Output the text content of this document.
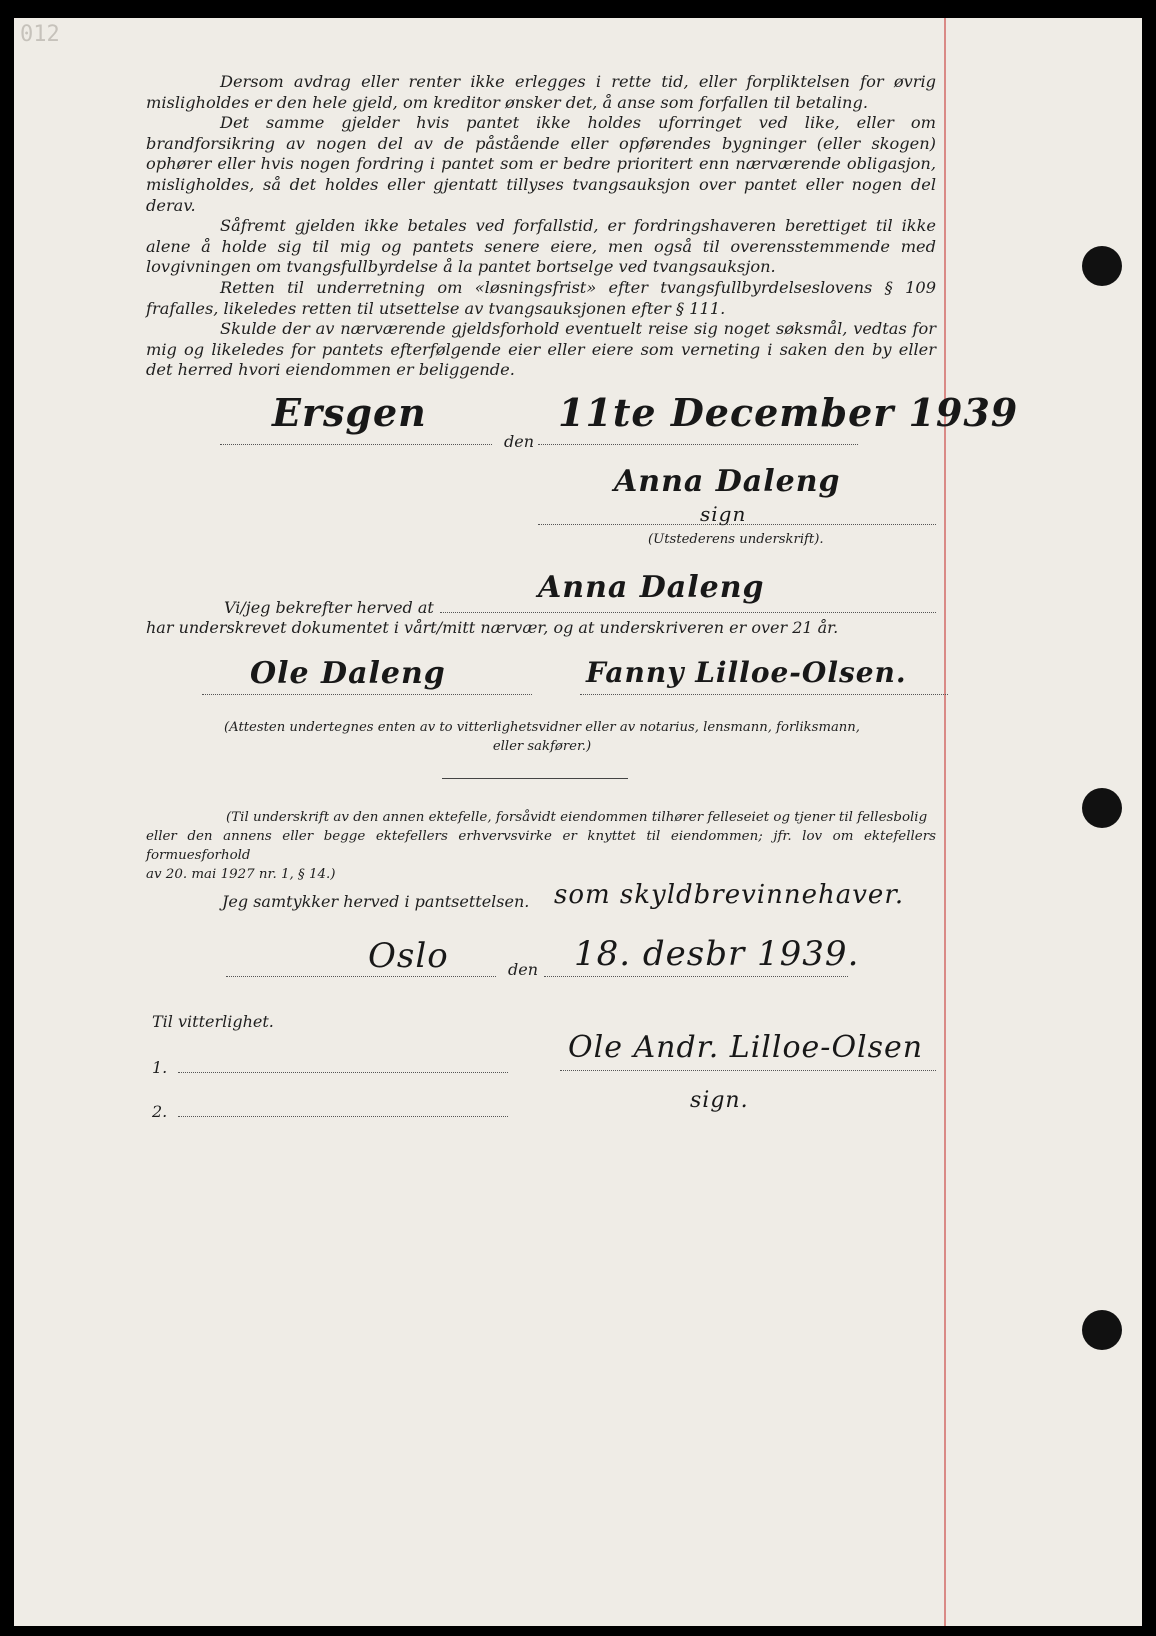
012

Dersom avdrag eller renter ikke erlegges i rette tid, eller forpliktelsen for øvrig misligholdes er den hele gjeld, om kreditor ønsker det, å anse som forfallen til betaling.

Det samme gjelder hvis pantet ikke holdes uforringet ved like, eller om brandforsikring av nogen del av de påstående eller opførendes bygninger (eller skogen) ophører eller hvis nogen fordring i pantet som er bedre prioritert enn nærværende obligasjon, misligholdes, så det holdes eller gjentatt tillyses tvangsauksjon over pantet eller nogen del derav.

Såfremt gjelden ikke betales ved forfallstid, er fordringshaveren berettiget til ikke alene å holde sig til mig og pantets senere eiere, men også til overensstemmende med lovgivningen om tvangsfullbyrdelse å la pantet bortselge ved tvangsauksjon.

Retten til underretning om «løsningsfrist» efter tvangsfullbyrdelseslovens § 109 frafalles, likeledes retten til utsettelse av tvangsauksjonen efter § 111.

Skulde der av nærværende gjeldsforhold eventuelt reise sig noget søksmål, vedtas for mig og likeledes for pantets efterfølgende eier eller eiere som verneting i saken den by eller det herred hvori eiendommen er beliggende.

Ersgen
den
11te December 1939
Anna Daleng
sign
(Utstederens underskrift).
Vi/jeg bekrefter herved at
Anna Daleng
har underskrevet dokumentet i vårt/mitt nærvær, og at underskriveren er over 21 år.
Ole Daleng	Fanny Lilloe-Olsen.
(Attesten undertegnes enten av to vitterlighetsvidner eller av notarius, lensmann, forliksmann,
eller sakfører.)
(Til underskrift av den annen ektefelle, forsåvidt eiendommen tilhører felleseiet og tjener til fellesbolig
eller den annens eller begge ektefellers erhvervsvirke er knyttet til eiendommen; jfr. lov om ektefellers formuesforhold
av 20. mai 1927 nr. 1, § 14.)
Jeg samtykker herved i pantsettelsen. som skyldbrevinnehaver.
Oslo	den 18. desbr 1939.
Til vitterlighet.
1.
2.
Ole Andr. Lilloe-Olsen
sign.
